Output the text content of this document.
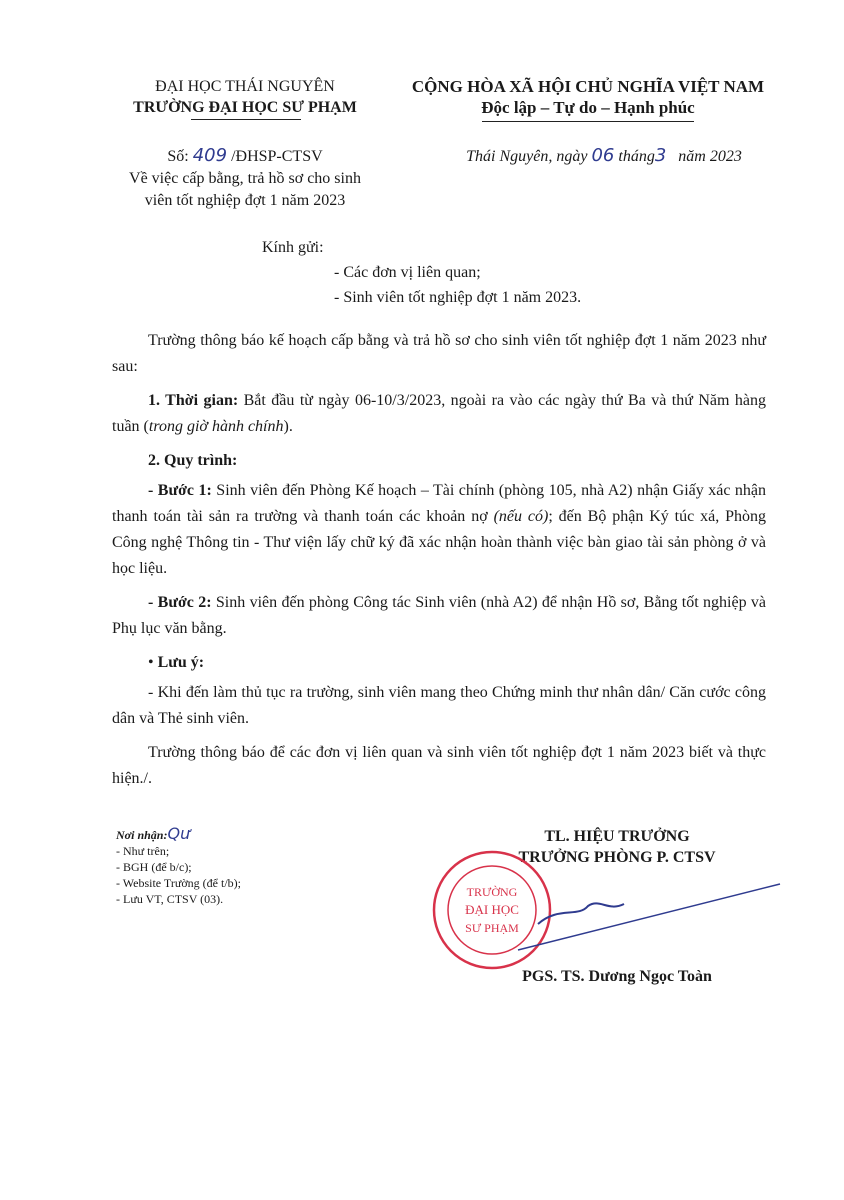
ĐẠI HỌC THÁI NGUYÊN
TRƯỜNG ĐẠI HỌC SƯ PHẠM
CỘNG HÒA XÃ HỘI CHỦ NGHĨA VIỆT NAM
Độc lập – Tự do – Hạnh phúc
Số: 409 /ĐHSP-CTSV
Về việc cấp bằng, trả hồ sơ cho sinh
viên tốt nghiệp đợt 1 năm 2023
Thái Nguyên, ngày 06 tháng3 năm 2023
Kính gửi:
- Các đơn vị liên quan;
- Sinh viên tốt nghiệp đợt 1 năm 2023.

Trường thông báo kế hoạch cấp bằng và trả hồ sơ cho sinh viên tốt nghiệp đợt 1 năm 2023 như sau:

1. Thời gian: Bắt đầu từ ngày 06-10/3/2023, ngoài ra vào các ngày thứ Ba và thứ Năm hàng tuần (trong giờ hành chính).

2. Quy trình:

- Bước 1: Sinh viên đến Phòng Kế hoạch – Tài chính (phòng 105, nhà A2) nhận Giấy xác nhận thanh toán tài sản ra trường và thanh toán các khoản nợ (nếu có); đến Bộ phận Ký túc xá, Phòng Công nghệ Thông tin - Thư viện lấy chữ ký đã xác nhận hoàn thành việc bàn giao tài sản phòng ở và học liệu.

- Bước 2: Sinh viên đến phòng Công tác Sinh viên (nhà A2) để nhận Hồ sơ, Bằng tốt nghiệp và Phụ lục văn bằng.

• Lưu ý:

- Khi đến làm thủ tục ra trường, sinh viên mang theo Chứng minh thư nhân dân/ Căn cước công dân và Thẻ sinh viên.

Trường thông báo để các đơn vị liên quan và sinh viên tốt nghiệp đợt 1 năm 2023 biết và thực hiện./.

Nơi nhận:Qư
- Như trên;
- BGH (để b/c);
- Website Trường (để t/b);
- Lưu VT, CTSV (03).
TL. HIỆU TRƯỞNG
TRƯỞNG PHÒNG P. CTSV
TRƯỜNG
ĐẠI HỌC
SƯ PHẠM
PGS. TS. Dương Ngọc Toàn
